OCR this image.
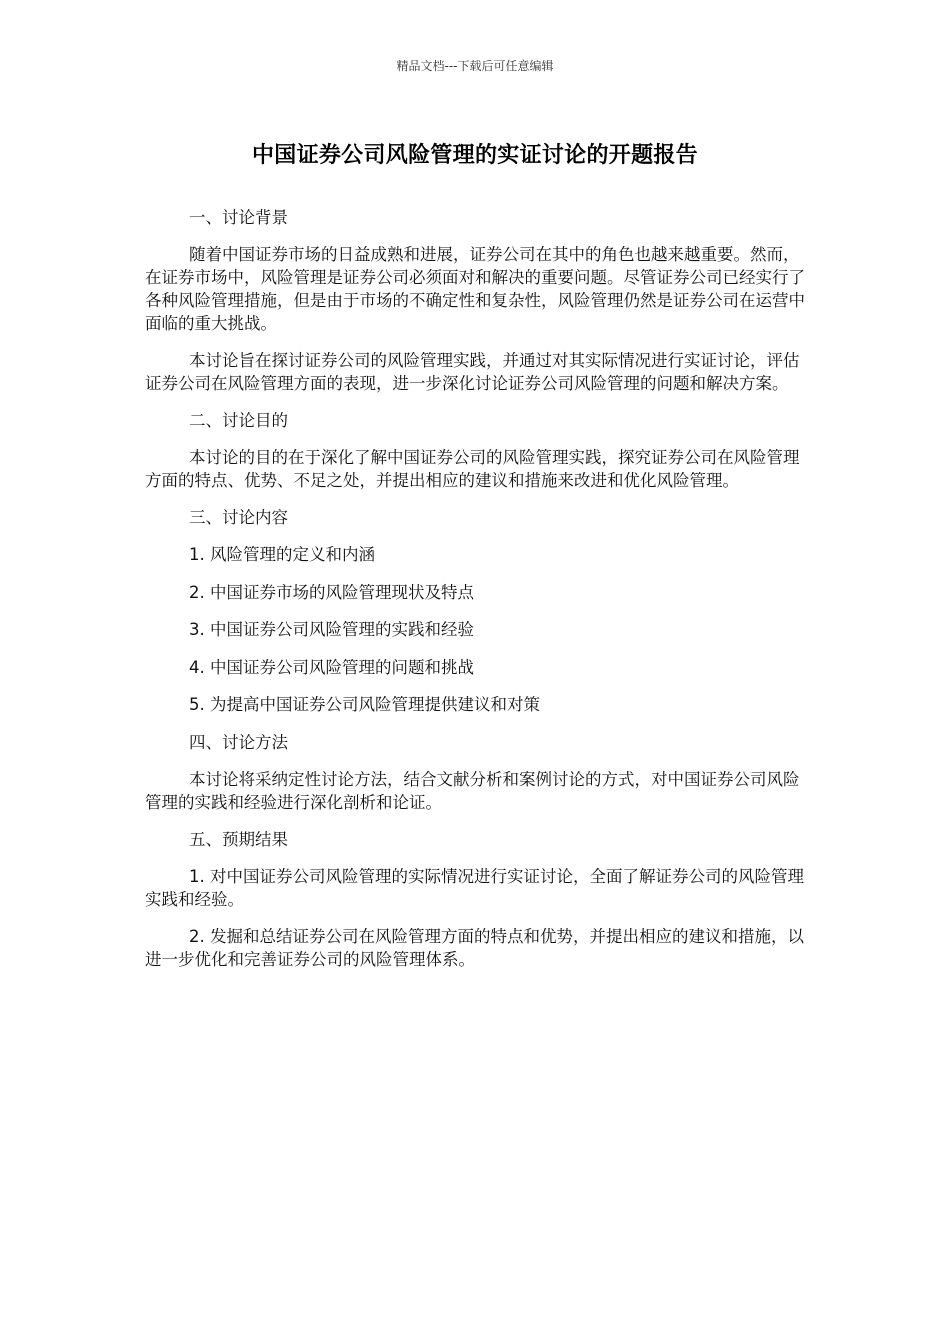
精品文档---下载后可任意编辑
中国证券公司风险管理的实证讨论的开题报告

一、讨论背景

随着中国证券市场的日益成熟和进展，证券公司在其中的角色也越来越重要。然而，在证券市场中，风险管理是证券公司必须面对和解决的重要问题。尽管证券公司已经实行了各种风险管理措施，但是由于市场的不确定性和复杂性，风险管理仍然是证券公司在运营中面临的重大挑战。

本讨论旨在探讨证券公司的风险管理实践，并通过对其实际情况进行实证讨论，评估证券公司在风险管理方面的表现，进一步深化讨论证券公司风险管理的问题和解决方案。

二、讨论目的

本讨论的目的在于深化了解中国证券公司的风险管理实践，探究证券公司在风险管理方面的特点、优势、不足之处，并提出相应的建议和措施来改进和优化风险管理。

三、讨论内容

1. 风险管理的定义和内涵

2. 中国证券市场的风险管理现状及特点

3. 中国证券公司风险管理的实践和经验

4. 中国证券公司风险管理的问题和挑战

5. 为提高中国证券公司风险管理提供建议和对策

四、讨论方法

本讨论将采纳定性讨论方法，结合文献分析和案例讨论的方式，对中国证券公司风险管理的实践和经验进行深化剖析和论证。

五、预期结果

1. 对中国证券公司风险管理的实际情况进行实证讨论，全面了解证券公司的风险管理实践和经验。

2. 发掘和总结证券公司在风险管理方面的特点和优势，并提出相应的建议和措施，以进一步优化和完善证券公司的风险管理体系。
